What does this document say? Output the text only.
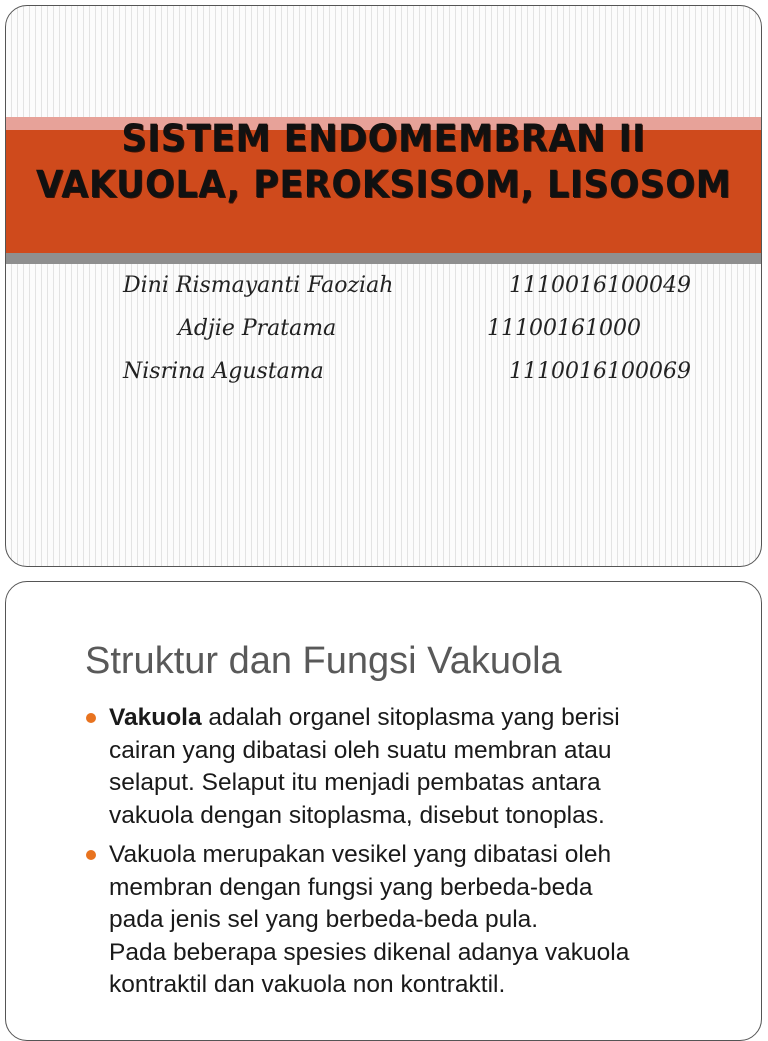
SISTEM ENDOMEMBRAN II
VAKUOLA, PEROKSISOM, LISOSOM
Dini Rismayanti Faoziah	1110016100049
Adjie Pratama	11100161000
Nisrina Agustama	1110016100069
Struktur dan Fungsi Vakuola
Vakuola adalah organel sitoplasma yang berisi
cairan yang dibatasi oleh suatu membran atau
selaput. Selaput itu menjadi pembatas antara
vakuola dengan sitoplasma, disebut tonoplas.
Vakuola merupakan vesikel yang dibatasi oleh
membran dengan fungsi yang berbeda-beda
pada jenis sel yang berbeda-beda pula.
Pada beberapa spesies dikenal adanya vakuola
kontraktil dan vakuola non kontraktil.
